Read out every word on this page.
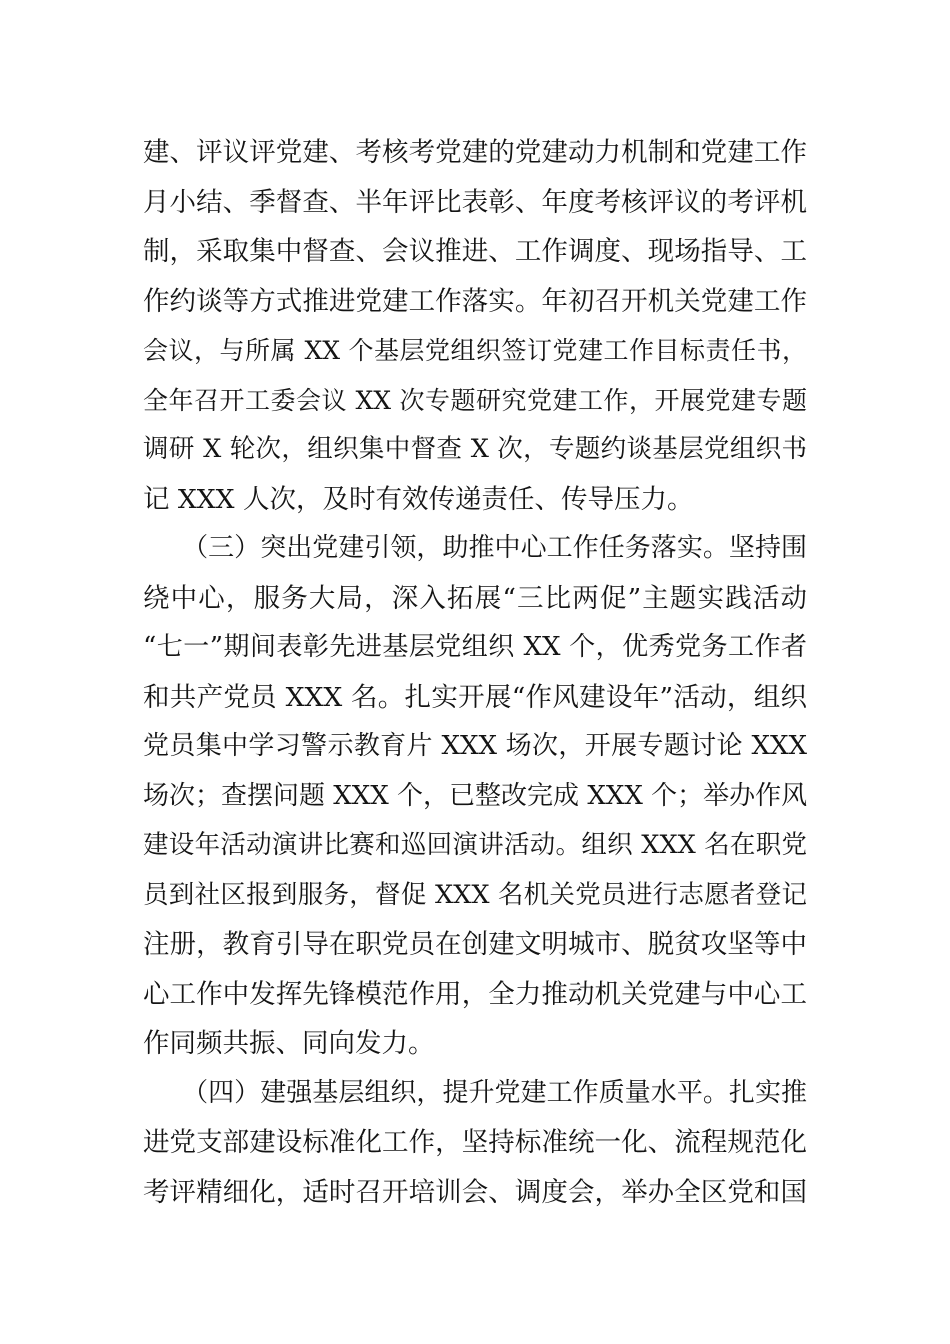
建、评议评党建、考核考党建的党建动力机制和党建工作
月小结、季督查、半年评比表彰、年度考核评议的考评机
制，采取集中督查、会议推进、工作调度、现场指导、工
作约谈等方式推进党建工作落实。年初召开机关党建工作
会议，与所属 XX 个基层党组织签订党建工作目标责任书，
全年召开工委会议 XX 次专题研究党建工作，开展党建专题
调研 X 轮次，组织集中督查 X 次，专题约谈基层党组织书
记 XXX 人次，及时有效传递责任、传导压力。
　　（三）突出党建引领，助推中心工作任务落实。坚持围
绕中心，服务大局，深入拓展“三比两促”主题实践活动
“七一”期间表彰先进基层党组织 XX 个，优秀党务工作者
和共产党员 XXX 名。扎实开展“作风建设年”活动，组织
党员集中学习警示教育片 XXX 场次，开展专题讨论 XXX
场次；查摆问题 XXX 个，已整改完成 XXX 个；举办作风
建设年活动演讲比赛和巡回演讲活动。组织 XXX 名在职党
员到社区报到服务，督促 XXX 名机关党员进行志愿者登记
注册，教育引导在职党员在创建文明城市、脱贫攻坚等中
心工作中发挥先锋模范作用，全力推动机关党建与中心工
作同频共振、同向发力。
　　（四）建强基层组织，提升党建工作质量水平。扎实推
进党支部建设标准化工作，坚持标准统一化、流程规范化
考评精细化，适时召开培训会、调度会，举办全区党和国
